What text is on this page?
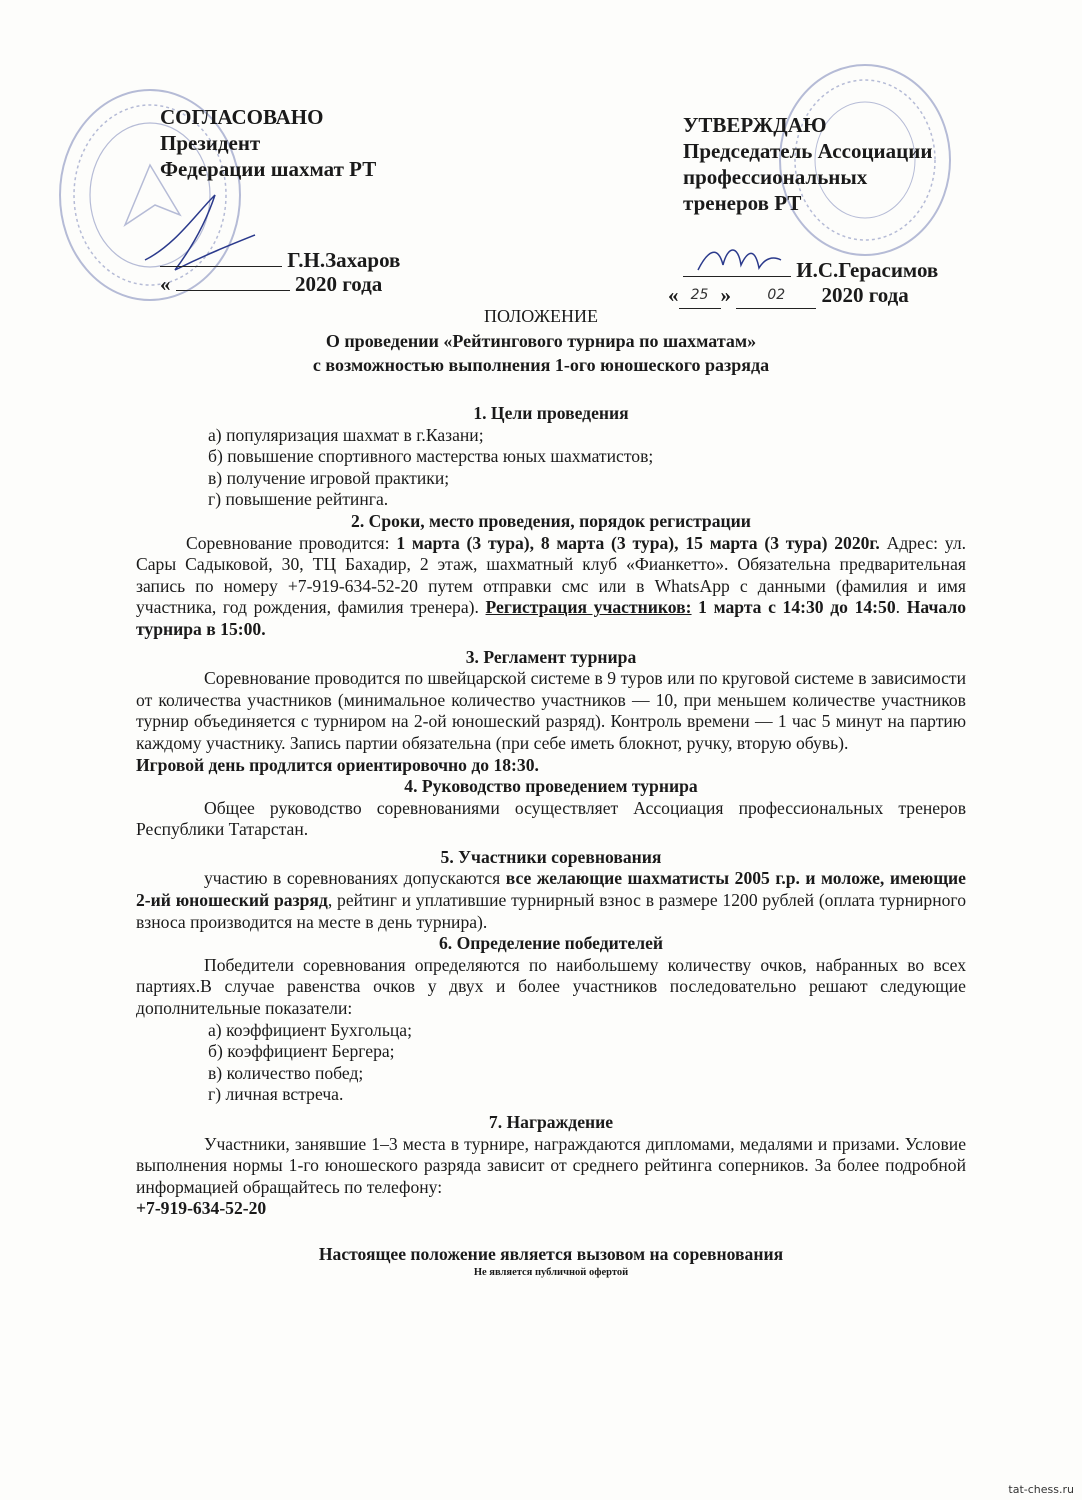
СОГЛАСОВАНО
Президент
Федерации шахмат РТ
Г.Н.Захаров
«	2020 года
УТВЕРЖДАЮ
Председатель Ассоциации
профессиональных
тренеров РТ
И.С.Герасимов
« 25 »	02 2020 года
ПОЛОЖЕНИЕ
О проведении «Рейтингового турнира по шахматам»
с возможностью выполнения 1-ого юношеского разряда
1. Цели проведения
а) популяризация шахмат в г.Казани;
б) повышение спортивного мастерства юных шахматистов;
в) получение игровой практики;
г) повышение рейтинга.
2. Сроки, место проведения, порядок регистрации
Соревнование проводится: 1 марта (3 тура), 8 марта (3 тура), 15 марта (3 тура) 2020г. Адрес: ул. Сары Садыковой, 30, ТЦ Бахадир, 2 этаж, шахматный клуб «Фианкетто». Обязательна предварительная запись по номеру +7-919-634-52-20 путем отправки смс или в WhatsApp с данными (фамилия и имя участника, год рождения, фамилия тренера). Регистрация участников: 1 марта с 14:30 до 14:50. Начало турнира в 15:00.
3. Регламент турнира
Соревнование проводится по швейцарской системе в 9 туров или по круговой системе в зависимости от количества участников (минимальное количество участников — 10, при меньшем количестве участников турнир объединяется с турниром на 2-ой юношеский разряд). Контроль времени — 1 час 5 минут на партию каждому участнику. Запись партии обязательна (при себе иметь блокнот, ручку, вторую обувь).
Игровой день продлится ориентировочно до 18:30.
4. Руководство проведением турнира
Общее руководство соревнованиями осуществляет Ассоциация профессиональных тренеров Республики Татарстан.
5. Участники соревнования
участию в соревнованиях допускаются все желающие шахматисты 2005 г.р. и моложе, имеющие 2-ий юношеский разряд, рейтинг и уплатившие турнирный взнос в размере 1200 рублей (оплата турнирного взноса производится на месте в день турнира).
6. Определение победителей
Победители соревнования определяются по наибольшему количеству очков, набранных во всех партиях.В случае равенства очков у двух и более участников последовательно решают следующие дополнительные показатели:
а) коэффициент Бухгольца;
б) коэффициент Бергера;
в) количество побед;
г) личная встреча.
7. Награждение
Участники, занявшие 1–3 места в турнире, награждаются дипломами, медалями и призами. Условие выполнения нормы 1-го юношеского разряда зависит от среднего рейтинга соперников. За более подробной информацией обращайтесь по телефону:
+7-919-634-52-20
Настоящее положение является вызовом на соревнования
Не является публичной офертой
tat-chess.ru
